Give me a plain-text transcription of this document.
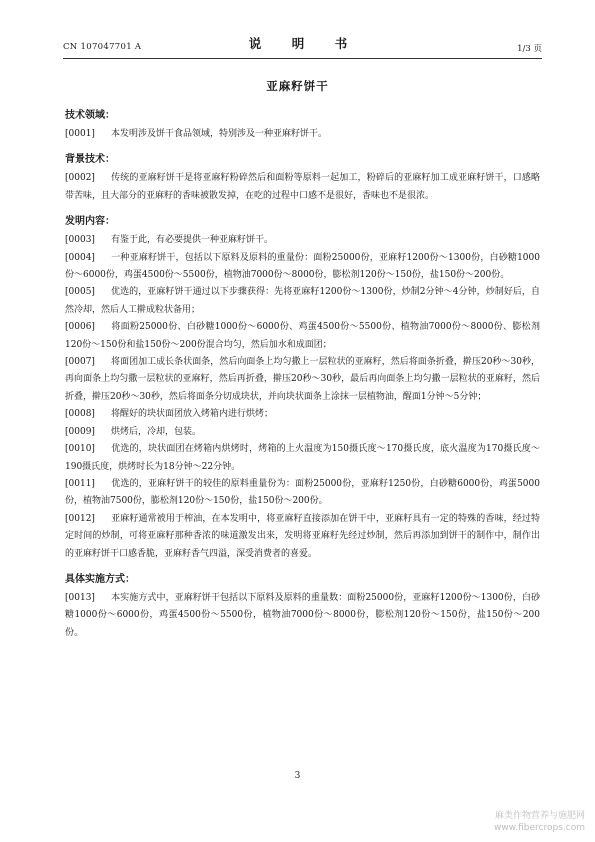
CN 107047701 A	说　明　书	1/3 页
亚麻籽饼干
技术领域：
[0001] 本发明涉及饼干食品领域，特别涉及一种亚麻籽饼干。
背景技术：
[0002] 传统的亚麻籽饼干是将亚麻籽粉碎然后和面粉等原料一起加工，粉碎后的亚麻籽加工成亚麻籽饼干，口感略带苦味，且大部分的亚麻籽的香味被散发掉，在吃的过程中口感不是很好，香味也不是很浓。
发明内容：
[0003] 有鉴于此，有必要提供一种亚麻籽饼干。
[0004] 一种亚麻籽饼干，包括以下原料及原料的重量份：面粉25000份，亚麻籽1200份～1300份，白砂糖1000份～6000份，鸡蛋4500份～5500份，植物油7000份～8000份，膨松剂120份～150份，盐150份～200份。
[0005] 优选的，亚麻籽饼干通过以下步骤获得：先将亚麻籽1200份～1300份，炒制2分钟～4分钟，炒制好后，自然冷却，然后人工擀成粒状备用；
[0006] 将面粉25000份、白砂糖1000份～6000份、鸡蛋4500份～5500份、植物油7000份～8000份、膨松剂120份～150份和盐150份～200份混合均匀，然后加水和成面团；
[0007] 将面团加工成长条状面条，然后向面条上均匀撒上一层粒状的亚麻籽，然后将面条折叠，擀压20秒～30秒，再向面条上均匀撒一层粒状的亚麻籽，然后再折叠，擀压20秒～30秒，最后再向面条上均匀撒一层粒状的亚麻籽，然后折叠，擀压20秒～30秒，然后将面条分切成块状，并向块状面条上涂抹一层植物油，醒面1分钟～5分钟；
[0008] 将醒好的块状面团放入烤箱内进行烘烤；
[0009] 烘烤后，冷却，包装。
[0010] 优选的，块状面团在烤箱内烘烤时，烤箱的上火温度为150摄氏度～170摄氏度，底火温度为170摄氏度～190摄氏度，烘烤时长为18分钟～22分钟。
[0011] 优选的，亚麻籽饼干的较佳的原料重量份为：面粉25000份，亚麻籽1250份，白砂糖6000份，鸡蛋5000份，植物油7500份，膨松剂120份～150份，盐150份～200份。
[0012] 亚麻籽通常被用于榨油，在本发明中，将亚麻籽直接添加在饼干中，亚麻籽具有一定的特殊的香味，经过特定时间的炒制，可将亚麻籽那种香浓的味道激发出来，发明将亚麻籽先经过炒制，然后再添加到饼干的制作中，制作出的亚麻籽饼干口感香脆，亚麻籽香气四溢，深受消费者的喜爱。
具体实施方式：
[0013] 本实施方式中，亚麻籽饼干包括以下原料及原料的重量数：面粉25000份，亚麻籽1200份～1300份，白砂糖1000份～6000份，鸡蛋4500份～5500份，植物油7000份～8000份，膨松剂120份～150份，盐150份～200份。
3
麻类作物营养与施肥网
www.fibercrops.com
